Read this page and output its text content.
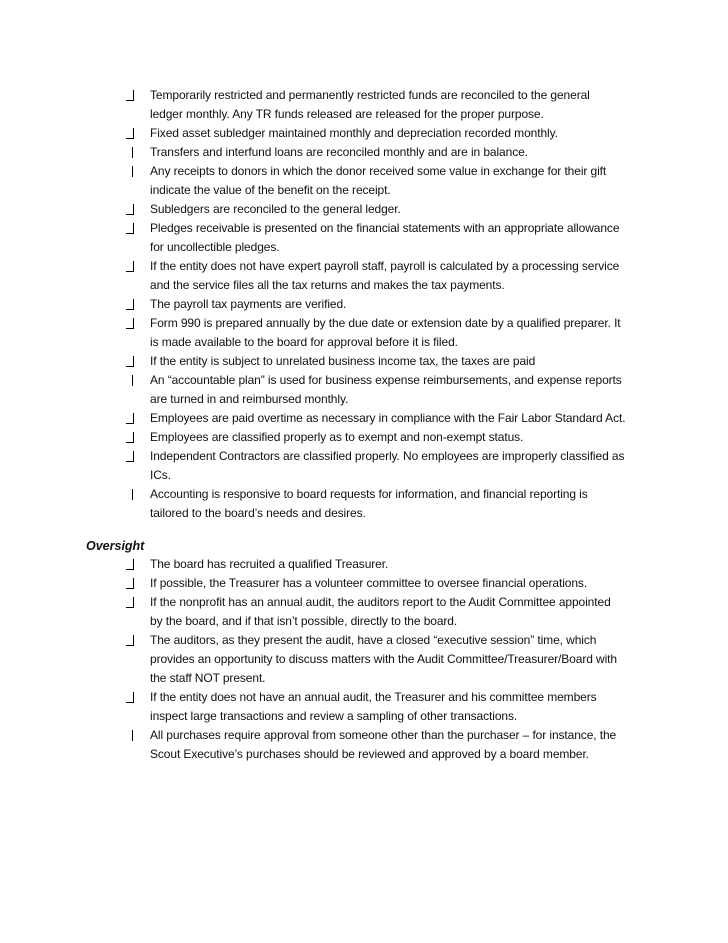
Temporarily restricted and permanently restricted funds are reconciled to the general
ledger monthly. Any TR funds released are released for the proper purpose.
Fixed asset subledger maintained monthly and depreciation recorded monthly.
Transfers and interfund loans are reconciled monthly and are in balance.
Any receipts to donors in which the donor received some value in exchange for their gift
indicate the value of the benefit on the receipt.
Subledgers are reconciled to the general ledger.
Pledges receivable is presented on the financial statements with an appropriate allowance
for uncollectible pledges.
If the entity does not have expert payroll staff, payroll is calculated by a processing service
and the service files all the tax returns and makes the tax payments.
The payroll tax payments are verified.
Form 990 is prepared annually by the due date or extension date by a qualified preparer. It
is made available to the board for approval before it is filed.
If the entity is subject to unrelated business income tax, the taxes are paid
An “accountable plan” is used for business expense reimbursements, and expense reports
are turned in and reimbursed monthly.
Employees are paid overtime as necessary in compliance with the Fair Labor Standard Act.
Employees are classified properly as to exempt and non-exempt status.
Independent Contractors are classified properly. No employees are improperly classified as
ICs.
Accounting is responsive to board requests for information, and financial reporting is
tailored to the board’s needs and desires.
Oversight
The board has recruited a qualified Treasurer.
If possible, the Treasurer has a volunteer committee to oversee financial operations.
If the nonprofit has an annual audit, the auditors report to the Audit Committee appointed
by the board, and if that isn’t possible, directly to the board.
The auditors, as they present the audit, have a closed “executive session” time, which
provides an opportunity to discuss matters with the Audit Committee/Treasurer/Board with
the staff NOT present.
If the entity does not have an annual audit, the Treasurer and his committee members
inspect large transactions and review a sampling of other transactions.
All purchases require approval from someone other than the purchaser – for instance, the
Scout Executive’s purchases should be reviewed and approved by a board member.
